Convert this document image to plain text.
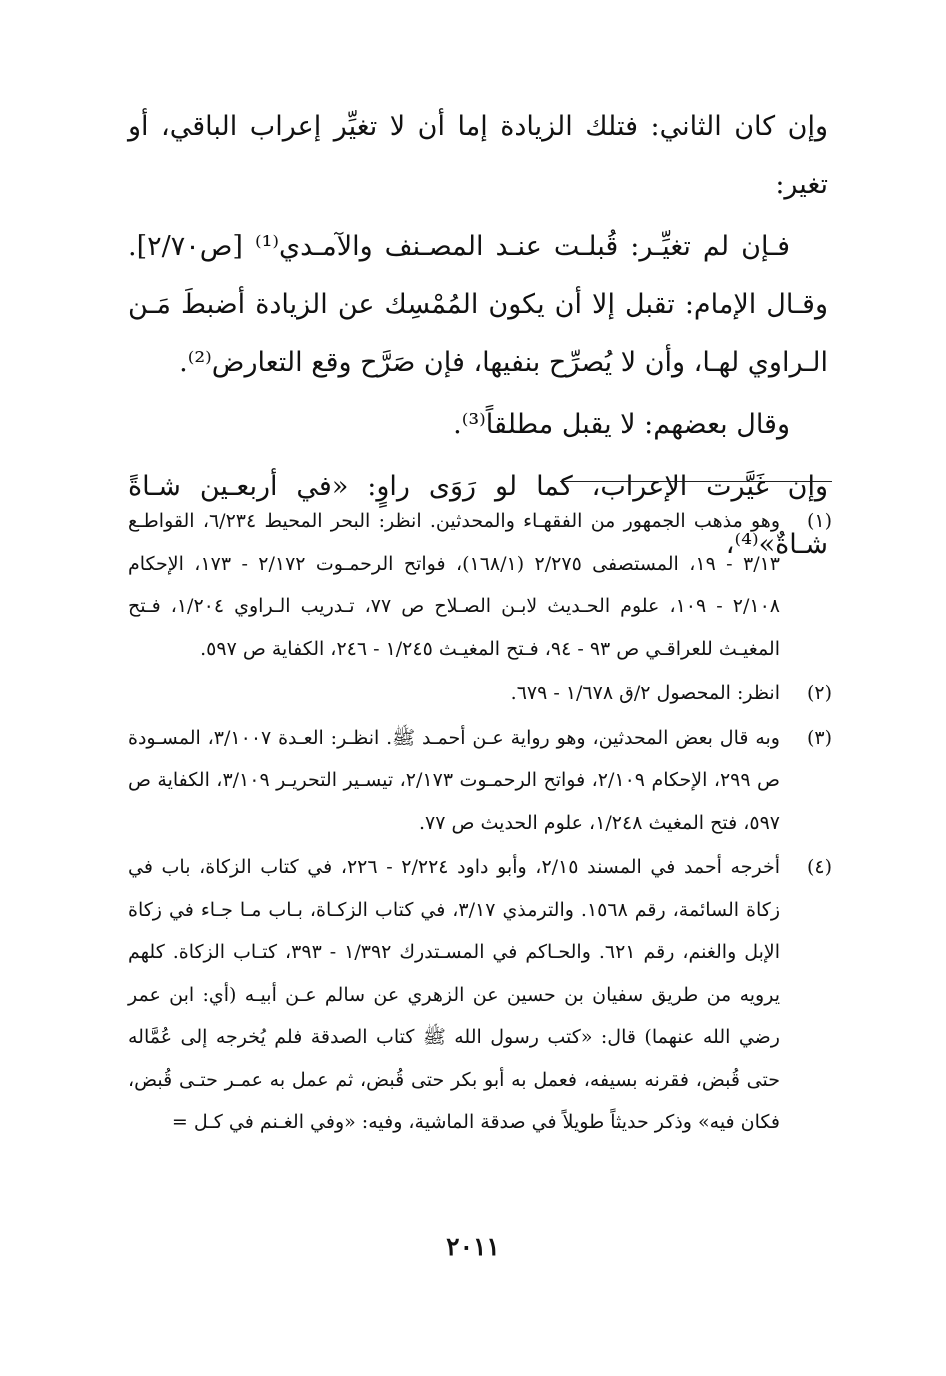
وإن كان الثاني: فتلك الزيادة إما أن لا تغيِّر إعراب الباقي، أو تغير:

فـإن لم تغيِّـر: قُبلـت عنـد المصـنف والآمـدي⁽¹⁾ [ص٢/٧٠]. وقـال الإمام: تقبل إلا أن يكون المُمْسِك عن الزيادة أضبطَ مَـن الـراوي لهـا، وأن لا يُصرِّح بنفيها، فإن صَرَّح وقع التعارض⁽²⁾.

وقال بعضهم: لا يقبل مطلقاً⁽³⁾.

وإن غَيَّرت الإعراب، كما لو رَوَى راوٍ: «في أربعـين شـاةً شـاةٌ»⁽⁴⁾،

(١)
وهو مذهب الجمهور من الفقهـاء والمحدثين. انظر: البحر المحيط ٦/٢٣٤، القواطـع ٣/١٣ - ١٩، المستصفى ٢/٢٧٥ (١٦٨/١)، فواتح الرحمـوت ٢/١٧٢ - ١٧٣، الإحكام ٢/١٠٨ - ١٠٩، علوم الحـديث لابـن الصـلاح ص ٧٧، تـدريب الـراوي ١/٢٠٤، فـتح المغيـث للعراقـي ص ٩٣ - ٩٤، فـتح المغيـث ١/٢٤٥ - ٢٤٦، الكفاية ص ٥٩٧.
(٢)
انظر: المحصول ٢/ق ١/٦٧٨ - ٦٧٩.
(٣)
وبه قال بعض المحدثين، وهو رواية عـن أحمـد ﷺ. انظـر: العـدة ٣/١٠٠٧، المسـودة ص ٢٩٩، الإحكام ٢/١٠٩، فواتح الرحمـوت ٢/١٧٣، تيسـير التحريـر ٣/١٠٩، الكفاية ص ٥٩٧، فتح المغيث ١/٢٤٨، علوم الحديث ص ٧٧.
(٤)
أخرجه أحمد في المسند ٢/١٥، وأبو داود ٢/٢٢٤ - ٢٢٦، في كتاب الزكاة، باب في زكاة السائمة، رقم ١٥٦٨. والترمذي ٣/١٧، في كتاب الزكـاة، بـاب مـا جـاء في زكاة الإبل والغنم، رقم ٦٢١. والحـاكم في المسـتدرك ١/٣٩٢ - ٣٩٣، كتـاب الزكاة. كلهم يرويه من طريق سفيان بن حسين عن الزهري عن سالم عـن أبيـه (أي: ابن عمر رضي الله عنهما) قال: «كتب رسول الله ﷺ كتاب الصدقة فلم يُخرجه إلى عُمَّاله حتى قُبض، فقرنه بسيفه، فعمل به أبو بكر حتى قُبض، ثم عمل به عمـر حتـى قُبض، فكان فيه» وذكر حديثاً طويلاً في صدقة الماشية، وفيه: «وفي الغـنم في كـل =
٢٠١١
